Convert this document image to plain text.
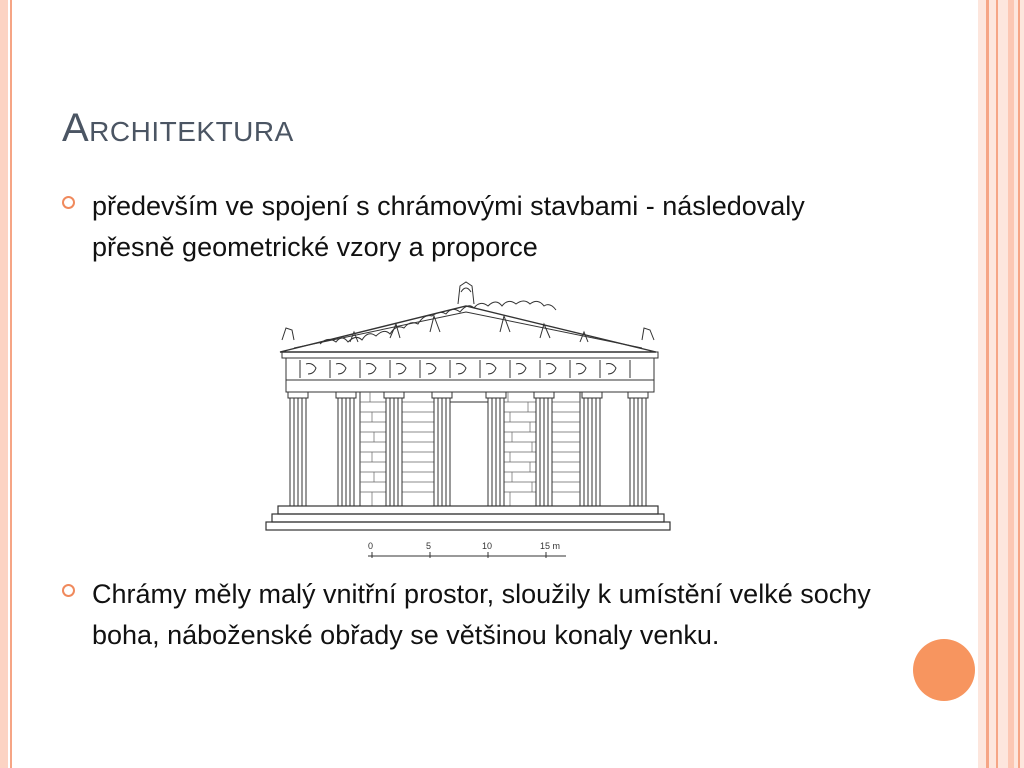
Architektura
především ve spojení s chrámovými stavbami - následovaly přesně geometrické vzory a proporce
0	5	10	15 m
Chrámy měly malý vnitřní prostor, sloužily k umístění velké sochy boha, náboženské obřady se většinou konaly venku.
